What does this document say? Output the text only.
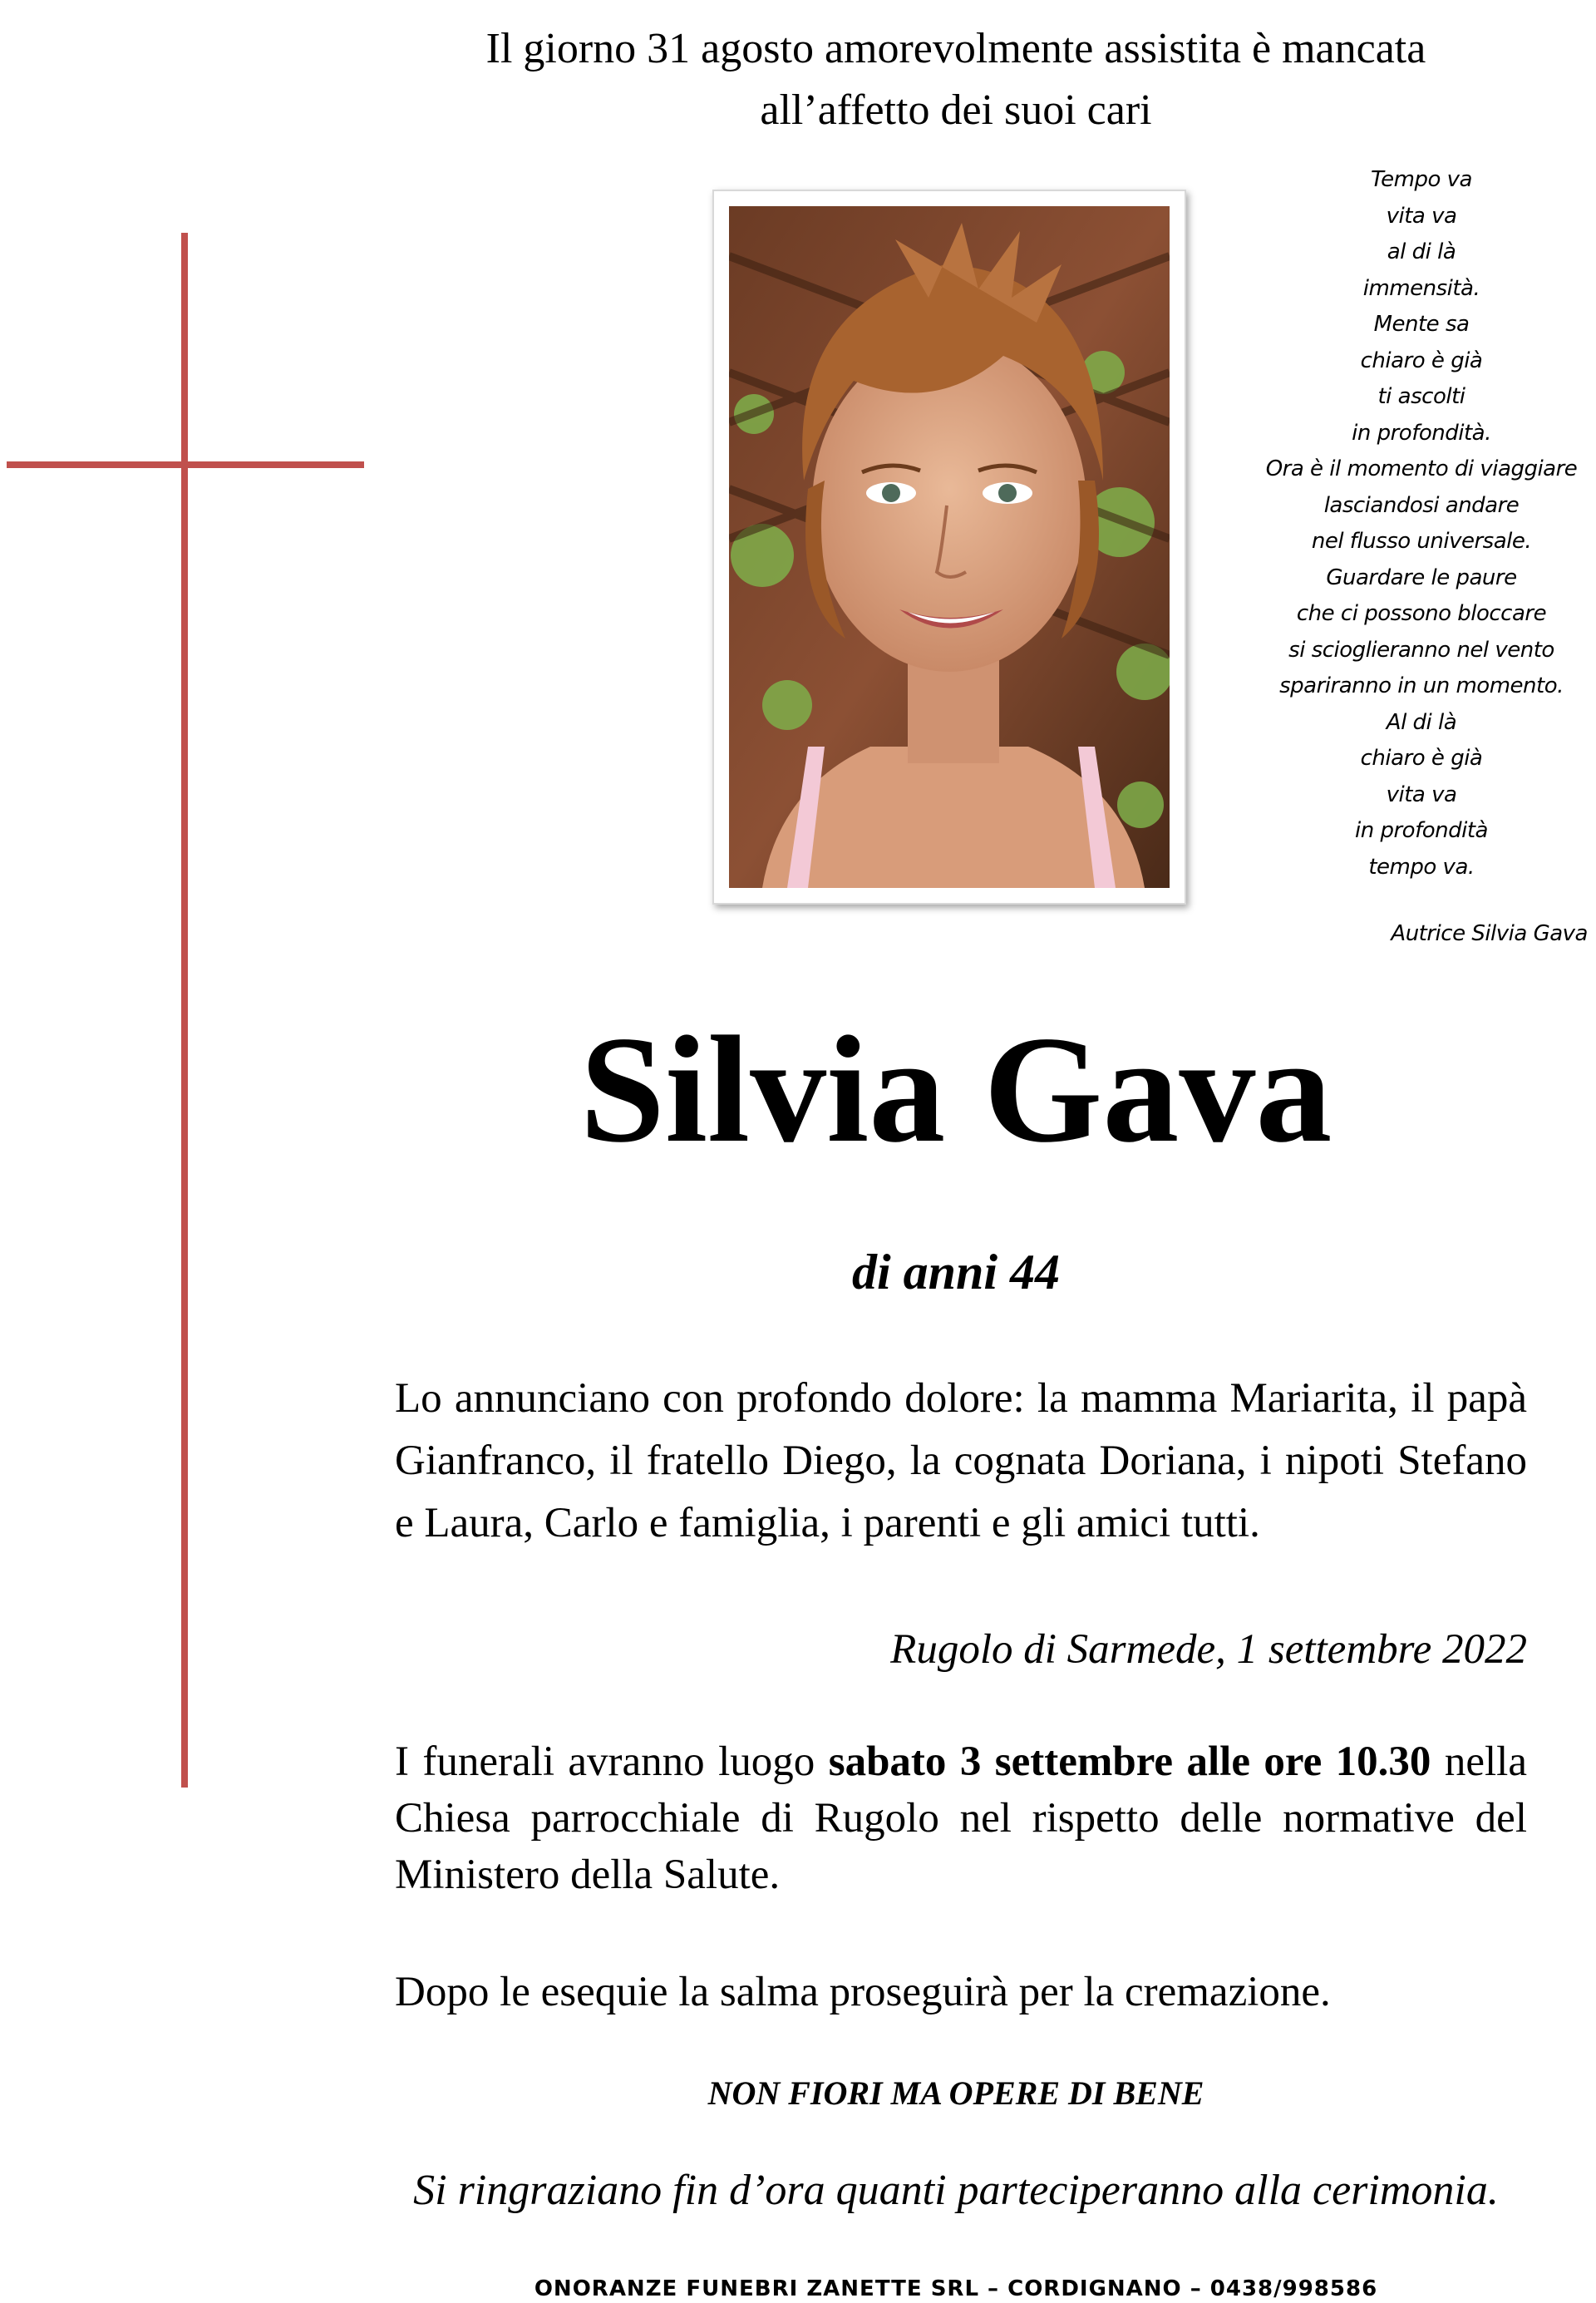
Il giorno 31 agosto amorevolmente assistita è mancata
all’affetto dei suoi cari
Tempo va
vita va
al di là
immensità.
Mente sa
chiaro è già
ti ascolti
in profondità.
Ora è il momento di viaggiare
lasciandosi andare
nel flusso universale.
Guardare le paure
che ci possono bloccare
si scioglieranno nel vento
spariranno in un momento.
Al di là
chiaro è già
vita va
in profondità
tempo va.
Autrice Silvia Gava
Silvia Gava
di anni 44
Lo annunciano con profondo dolore: la mamma Mariarita, il papà Gianfranco, il fratello Diego, la cognata Doriana, i nipoti Stefano e Laura, Carlo e famiglia, i parenti e gli amici tutti.
Rugolo di Sarmede, 1 settembre 2022
I funerali avranno luogo sabato 3 settembre alle ore 10.30 nella Chiesa parrocchiale di Rugolo nel rispetto delle normative del Ministero della Salute.
Dopo le esequie la salma proseguirà per la cremazione.
NON FIORI MA OPERE DI BENE
Si ringraziano fin d’ora quanti parteciperanno alla cerimonia.
ONORANZE FUNEBRI ZANETTE SRL – CORDIGNANO – 0438/998586
